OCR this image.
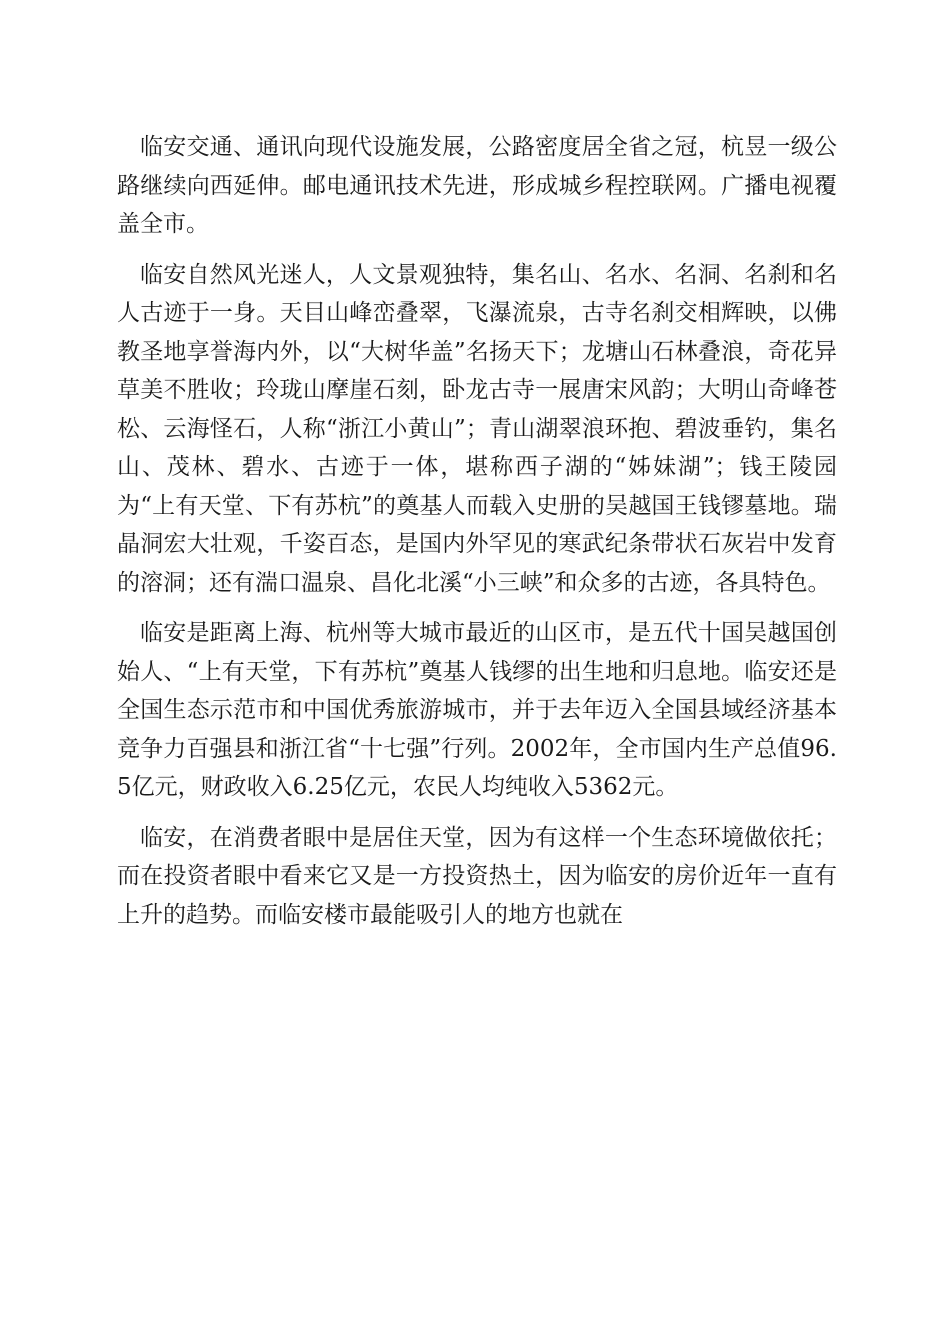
临安交通、通讯向现代设施发展，公路密度居全省之冠，杭昱一级公路继续向西延伸。邮电通讯技术先进，形成城乡程控联网。广播电视覆盖全市。

临安自然风光迷人，人文景观独特，集名山、名水、名洞、名刹和名人古迹于一身。天目山峰峦叠翠，飞瀑流泉，古寺名刹交相辉映，以佛教圣地享誉海内外，以“大树华盖”名扬天下；龙塘山石林叠浪，奇花异草美不胜收；玲珑山摩崖石刻，卧龙古寺一展唐宋风韵；大明山奇峰苍松、云海怪石，人称“浙江小黄山”；青山湖翠浪环抱、碧波垂钓，集名山、茂林、碧水、古迹于一体，堪称西子湖的“姊妹湖”；钱王陵园为“上有天堂、下有苏杭”的奠基人而载入史册的吴越国王钱镠墓地。瑞晶洞宏大壮观，千姿百态，是国内外罕见的寒武纪条带状石灰岩中发育的溶洞；还有湍口温泉、昌化北溪“小三峡”和众多的古迹，各具特色。

临安是距离上海、杭州等大城市最近的山区市，是五代十国吴越国创始人、“上有天堂，下有苏杭”奠基人钱缪的出生地和归息地。临安还是全国生态示范市和中国优秀旅游城市，并于去年迈入全国县域经济基本竞争力百强县和浙江省“十七强”行列。2002年，全市国内生产总值96.5亿元，财政收入6.25亿元，农民人均纯收入5362元。

临安，在消费者眼中是居住天堂，因为有这样一个生态环境做依托；而在投资者眼中看来它又是一方投资热土，因为临安的房价近年一直有上升的趋势。而临安楼市最能吸引人的地方也就在
